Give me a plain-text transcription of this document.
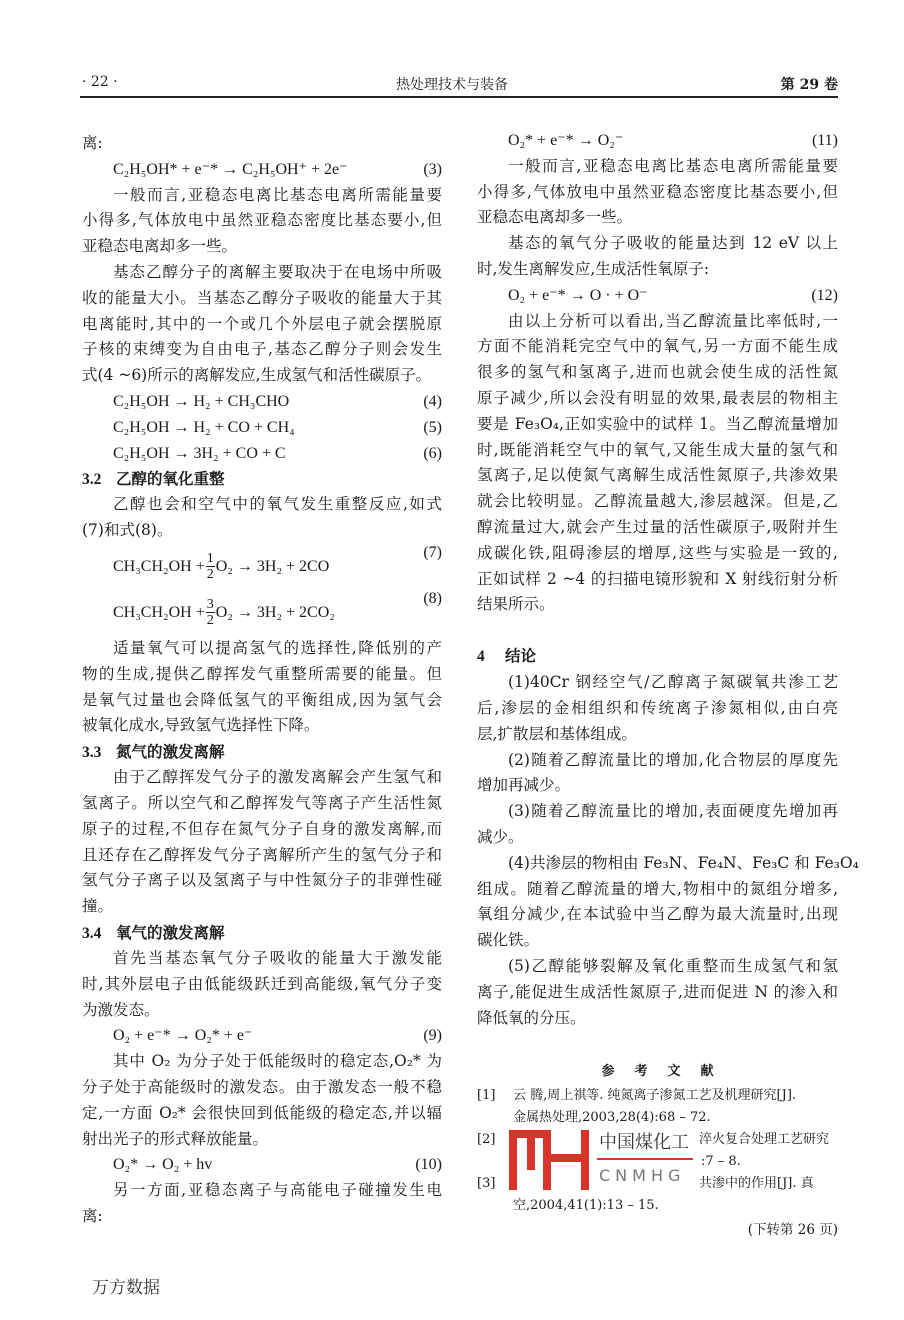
· 22 ·	热处理技术与装备	第 29 卷
离:
C₂H₅OH* + e⁻* → C₂H₅OH⁺ + 2e⁻	(3)
一般而言,亚稳态电离比基态电离所需能量要
小得多,气体放电中虽然亚稳态密度比基态要小,但
亚稳态电离却多一些。
基态乙醇分子的离解主要取决于在电场中所吸
收的能量大小。当基态乙醇分子吸收的能量大于其
电离能时,其中的一个或几个外层电子就会摆脱原
子核的束缚变为自由电子,基态乙醇分子则会发生
式(4 ~6)所示的离解发应,生成氢气和活性碳原子。
C₂H₅OH → H₂ + CH₃CHO	(4)
C₂H₅OH → H₂ + CO + CH₄	(5)
C₂H₅OH → 3H₂ + CO + C	(6)
3.2 乙醇的氧化重整
乙醇也会和空气中的氧气发生重整反应,如式
(7)和式(8)。
$CH_3CH_2OH + \frac{1}{2} O_2 \to 3H_2 + 2CO$
(7)
$CH_3CH_2OH + \frac{3}{2} O_2 \to 3H_2 + 2CO_2$
(8)
适量氧气可以提高氢气的选择性,降低别的产
物的生成,提供乙醇挥发气重整所需要的能量。但
是氧气过量也会降低氢气的平衡组成,因为氢气会
被氧化成水,导致氢气选择性下降。
3.3 氮气的激发离解
由于乙醇挥发气分子的激发离解会产生氢气和
氢离子。所以空气和乙醇挥发气等离子产生活性氮
原子的过程,不但存在氮气分子自身的激发离解,而
且还存在乙醇挥发气分子离解所产生的氢气分子和
氢气分子离子以及氢离子与中性氮分子的非弹性碰
撞。
3.4 氧气的激发离解
首先当基态氧气分子吸收的能量大于激发能
时,其外层电子由低能级跃迁到高能级,氧气分子变
为激发态。
O₂ + e⁻* → O₂* + e⁻	(9)
其中 O₂ 为分子处于低能级时的稳定态,O₂* 为
分子处于高能级时的激发态。由于激发态一般不稳
定,一方面 O₂* 会很快回到低能级的稳定态,并以辐
射出光子的形式释放能量。
O₂* → O₂ + hv	(10)
另一方面,亚稳态离子与高能电子碰撞发生电
离:
O₂* + e⁻* → O₂⁻	(11)
一般而言,亚稳态电离比基态电离所需能量要
小得多,气体放电中虽然亚稳态密度比基态要小,但
亚稳态电离却多一些。
基态的氧气分子吸收的能量达到 12 eV 以上
时,发生离解发应,生成活性氧原子:
O₂ + e⁻* → O · + O⁻	(12)
由以上分析可以看出,当乙醇流量比率低时,一
方面不能消耗完空气中的氧气,另一方面不能生成
很多的氢气和氢离子,进而也就会使生成的活性氮
原子减少,所以会没有明显的效果,最表层的物相主
要是 Fe₃O₄,正如实验中的试样 1。当乙醇流量增加
时,既能消耗空气中的氧气,又能生成大量的氢气和
氢离子,足以使氮气离解生成活性氮原子,共渗效果
就会比较明显。乙醇流量越大,渗层越深。但是,乙
醇流量过大,就会产生过量的活性碳原子,吸附并生
成碳化铁,阻碍渗层的增厚,这些与实验是一致的,
正如试样 2 ~4 的扫描电镜形貌和 X 射线衍射分析
结果所示。
4 结论
(1)40Cr 钢经空气/乙醇离子氮碳氧共渗工艺
后,渗层的金相组织和传统离子渗氮相似,由白亮
层,扩散层和基体组成。
(2)随着乙醇流量比的增加,化合物层的厚度先
增加再减少。
(3)随着乙醇流量比的增加,表面硬度先增加再
减少。
(4)共渗层的物相由 Fe₃N、Fe₄N、Fe₃C 和 Fe₃O₄
组成。随着乙醇流量的增大,物相中的氮组分增多,
氧组分减少,在本试验中当乙醇为最大流量时,出现
碳化铁。
(5)乙醇能够裂解及氧化重整而生成氢气和氢
离子,能促进生成活性氮原子,进而促进 N 的渗入和
降低氧的分压。
参考文献
[1]	云 腾,周上祺等. 纯氮离子渗氮工艺及机理研究[J].
金属热处理,2003,28(4):68 – 72.
[2]	淬火复合处理工艺研究
:7 – 8.
[3]	共渗中的作用[J]. 真
空,2004,41(1):13 – 15.
(下转第 26 页)
中国煤化工
CNMHG
万方数据
